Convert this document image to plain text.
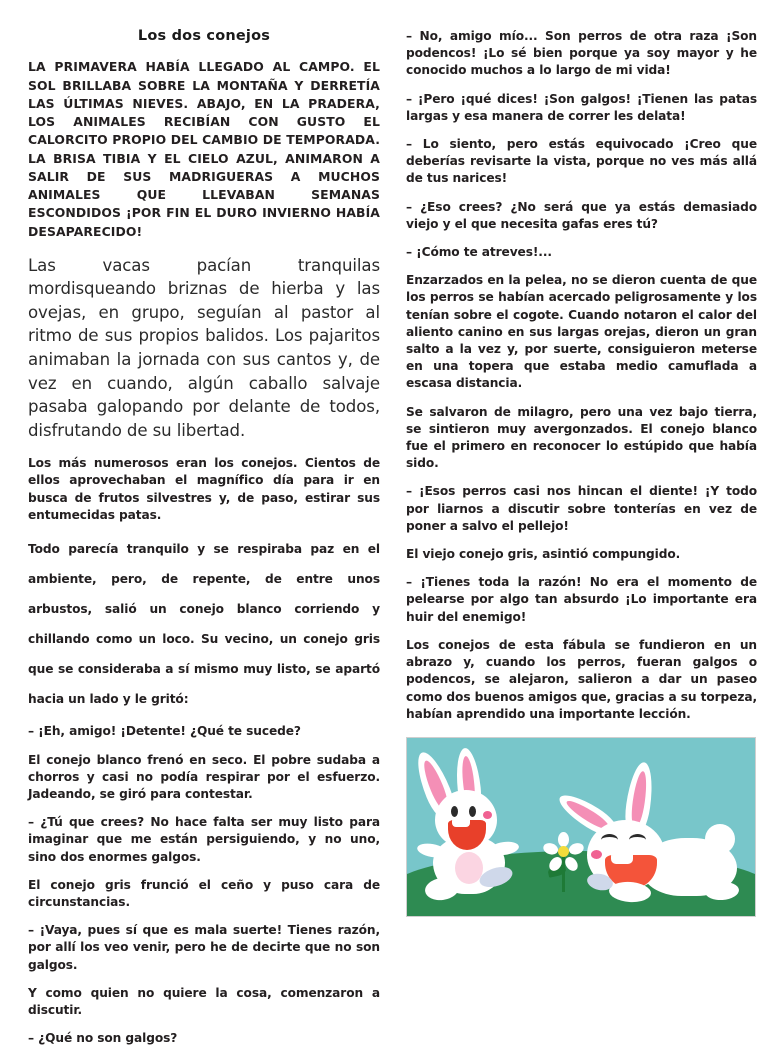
Los dos conejos

LA PRIMAVERA HABÍA LLEGADO AL CAMPO. EL SOL BRILLABA SOBRE LA MONTAÑA Y DERRETÍA LAS ÚLTIMAS NIEVES. ABAJO, EN LA PRADERA, LOS ANIMALES RECIBÍAN CON GUSTO EL CALORCITO PROPIO DEL CAMBIO DE TEMPORADA. LA BRISA TIBIA Y EL CIELO AZUL, ANIMARON A SALIR DE SUS MADRIGUERAS A MUCHOS ANIMALES QUE LLEVABAN SEMANAS ESCONDIDOS ¡POR FIN EL DURO INVIERNO HABÍA DESAPARECIDO!

Las vacas pacían tranquilas mordisqueando briznas de hierba y las ovejas, en grupo, seguían al pastor al ritmo de sus propios balidos. Los pajaritos animaban la jornada con sus cantos y, de vez en cuando, algún caballo salvaje pasaba galopando por delante de todos, disfrutando de su libertad.

Los más numerosos eran los conejos. Cientos de ellos aprovechaban el magnífico día para ir en busca de frutos silvestres y, de paso, estirar sus entumecidas patas.

Todo parecía tranquilo y se respiraba paz en el ambiente, pero, de repente, de entre unos arbustos, salió un conejo blanco corriendo y chillando como un loco. Su vecino, un conejo gris que se consideraba a sí mismo muy listo, se apartó hacia un lado y le gritó:

– ¡Eh, amigo! ¡Detente! ¿Qué te sucede?

El conejo blanco frenó en seco. El pobre sudaba a chorros y casi no podía respirar por el esfuerzo. Jadeando, se giró para contestar.

– ¿Tú que crees? No hace falta ser muy listo para imaginar que me están persiguiendo, y no uno, sino dos enormes galgos.

El conejo gris frunció el ceño y puso cara de circunstancias.

– ¡Vaya, pues sí que es mala suerte! Tienes razón, por allí los veo venir, pero he de decirte que no son galgos.

Y como quien no quiere la cosa, comenzaron a discutir.

– ¿Qué no son galgos?

– No, amigo mío... Son perros de otra raza ¡Son podencos! ¡Lo sé bien porque ya soy mayor y he conocido muchos a lo largo de mi vida!

– ¡Pero ¡qué dices! ¡Son galgos! ¡Tienen las patas largas y esa manera de correr les delata!

– Lo siento, pero estás equivocado ¡Creo que deberías revisarte la vista, porque no ves más allá de tus narices!

– ¿Eso crees? ¿No será que ya estás demasiado viejo y el que necesita gafas eres tú?

– ¡Cómo te atreves!...

Enzarzados en la pelea, no se dieron cuenta de que los perros se habían acercado peligrosamente y los tenían sobre el cogote. Cuando notaron el calor del aliento canino en sus largas orejas, dieron un gran salto a la vez y, por suerte, consiguieron meterse en una topera que estaba medio camuflada a escasa distancia.

Se salvaron de milagro, pero una vez bajo tierra, se sintieron muy avergonzados. El conejo blanco fue el primero en reconocer lo estúpido que había sido.

– ¡Esos perros casi nos hincan el diente! ¡Y todo por liarnos a discutir sobre tonterías en vez de poner a salvo el pellejo!

El viejo conejo gris, asintió compungido.

– ¡Tienes toda la razón! No era el momento de pelearse por algo tan absurdo ¡Lo importante era huir del enemigo!

Los conejos de esta fábula se fundieron en un abrazo y, cuando los perros, fueran galgos o podencos, se alejaron, salieron a dar un paseo como dos buenos amigos que, gracias a su torpeza, habían aprendido una importante lección.
